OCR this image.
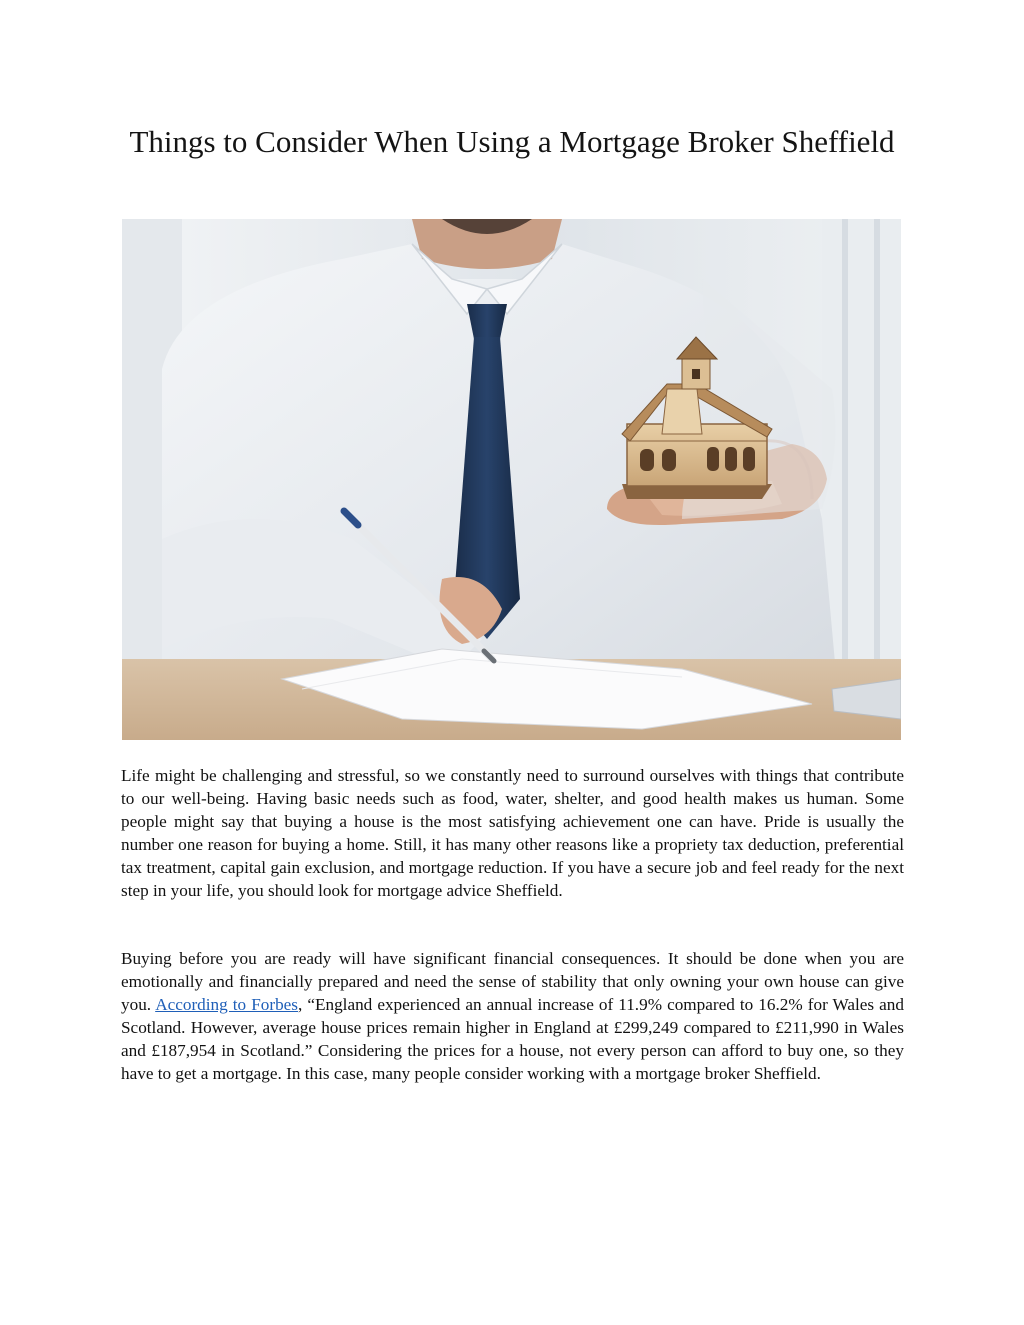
Things to Consider When Using a Mortgage Broker Sheffield

Life might be challenging and stressful, so we constantly need to surround ourselves with things that contribute to our well-being. Having basic needs such as food, water, shelter, and good health makes us human. Some people might say that buying a house is the most satisfying achievement one can have. Pride is usually the number one reason for buying a home. Still, it has many other reasons like a propriety tax deduction, preferential tax treatment, capital gain exclusion, and mortgage reduction. If you have a secure job and feel ready for the next step in your life, you should look for mortgage advice Sheffield.

Buying before you are ready will have significant financial consequences. It should be done when you are emotionally and financially prepared and need the sense of stability that only owning your own house can give you. According to Forbes, “England experienced an annual increase of 11.9% compared to 16.2% for Wales and Scotland. However, average house prices remain higher in England at £299,249 compared to £211,990 in Wales and £187,954 in Scotland.” Considering the prices for a house, not every person can afford to buy one, so they have to get a mortgage. In this case, many people consider working with a mortgage broker Sheffield.
